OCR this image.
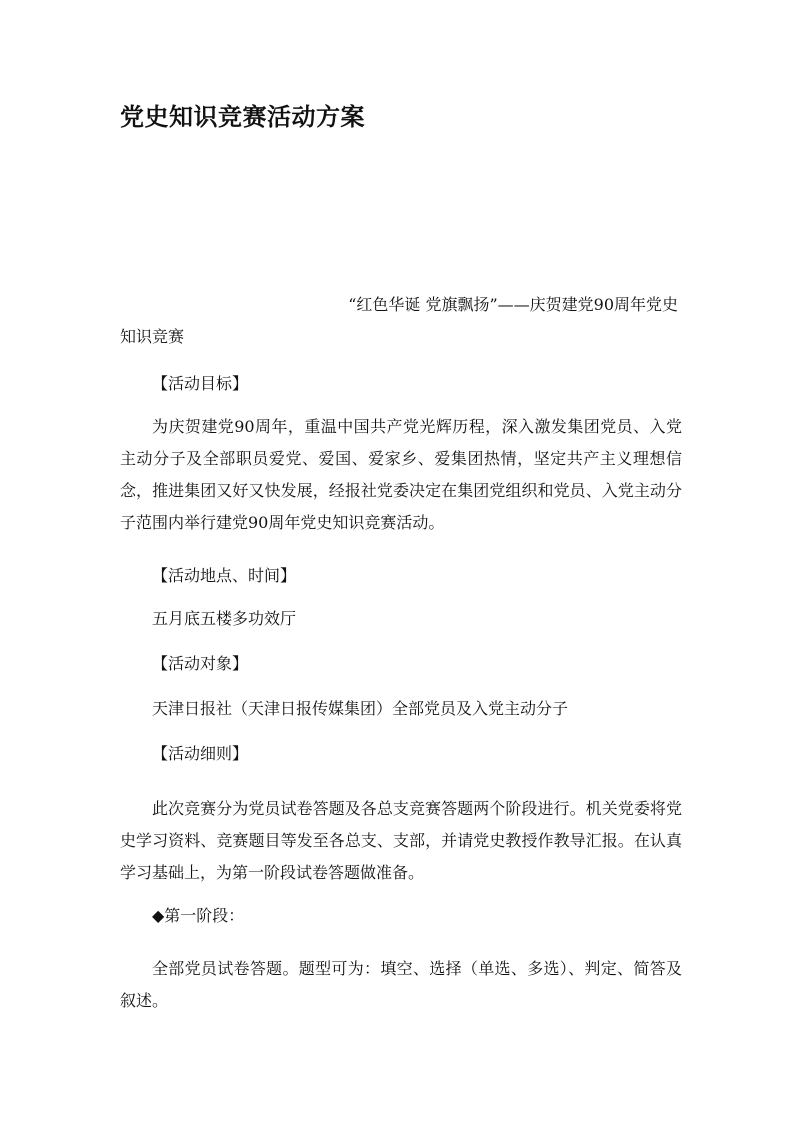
党史知识竞赛活动方案

“红色华诞 党旗飘扬”——庆贺建党90周年党史
知识竞赛

【活动目标】

为庆贺建党90周年，重温中国共产党光辉历程，深入激发集团党员、入党主动分子及全部职员爱党、爱国、爱家乡、爱集团热情，坚定共产主义理想信念，推进集团又好又快发展，经报社党委决定在集团党组织和党员、入党主动分子范围内举行建党90周年党史知识竞赛活动。

【活动地点、时间】

五月底五楼多功效厅

【活动对象】

天津日报社（天津日报传媒集团）全部党员及入党主动分子

【活动细则】

此次竞赛分为党员试卷答题及各总支竞赛答题两个阶段进行。机关党委将党史学习资料、竞赛题目等发至各总支、支部，并请党史教授作教导汇报。在认真学习基础上，为第一阶段试卷答题做准备。

◆第一阶段：

全部党员试卷答题。题型可为：填空、选择（单选、多选）、判定、简答及叙述。
